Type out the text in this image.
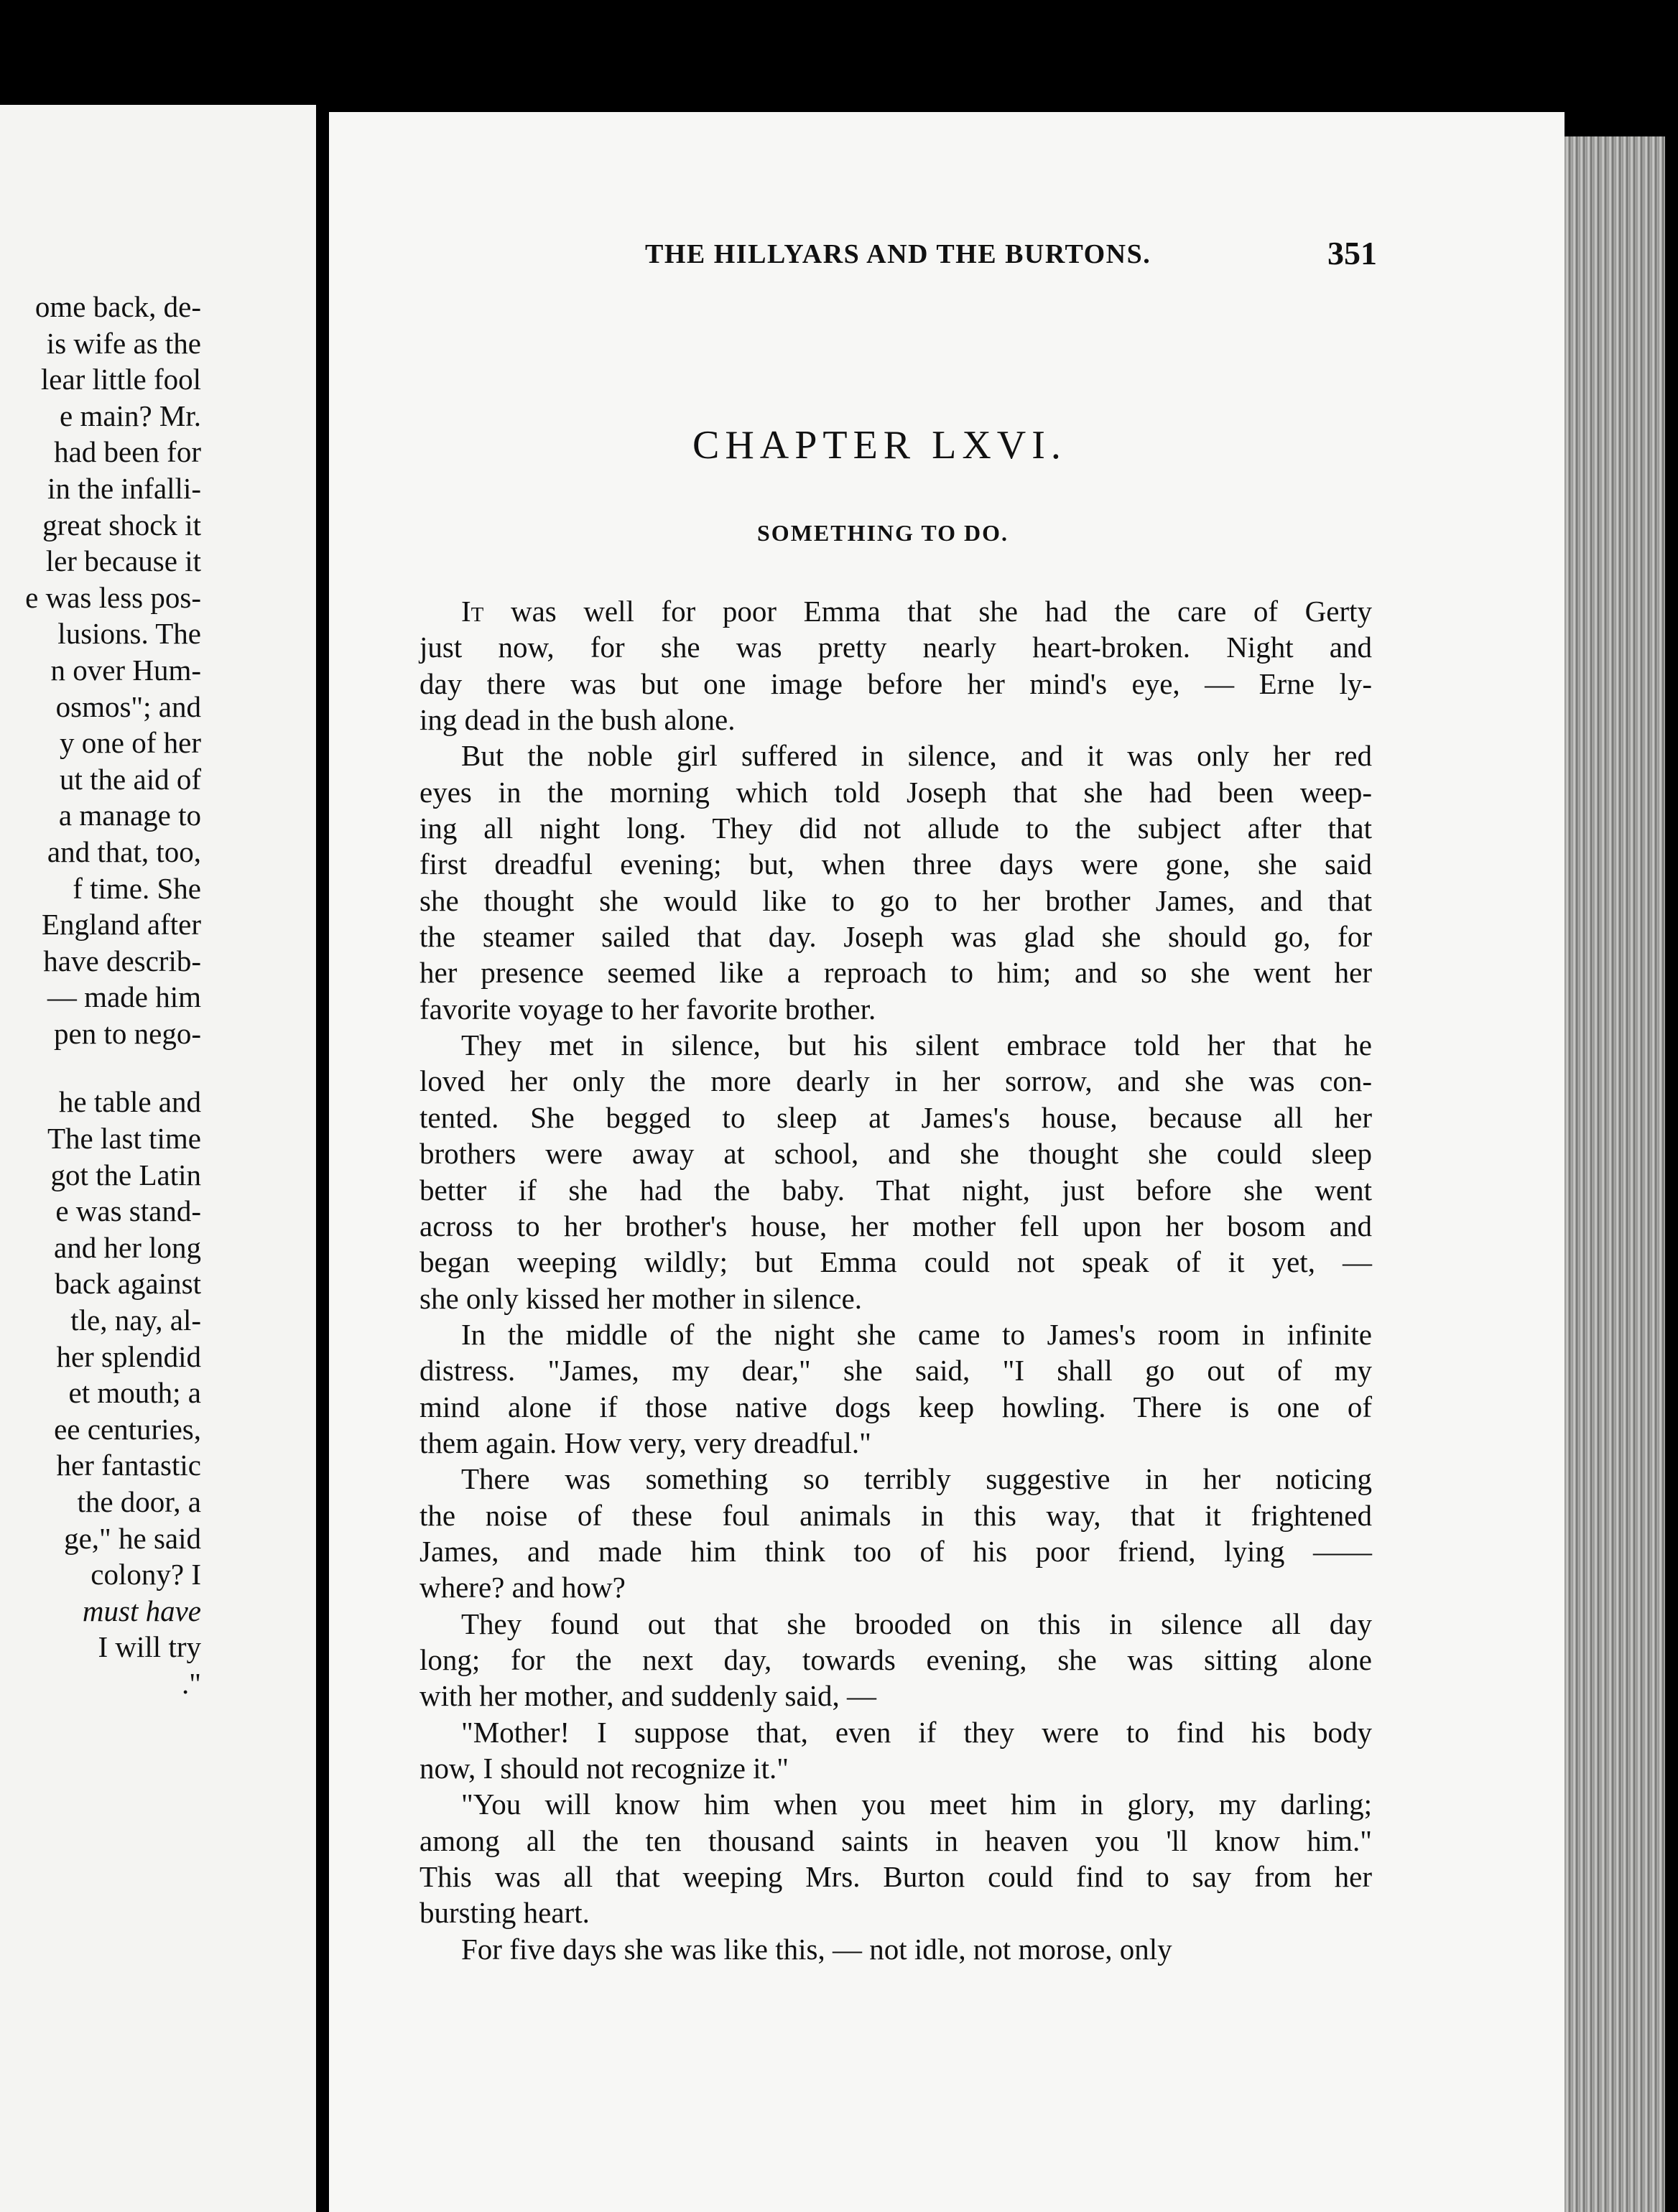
ome back, de-
is wife as the
lear little fool
e main? Mr.
had been for
in the infalli-
great shock it
ler because it
e was less pos-
lusions. The
n over Hum-
osmos"; and
y one of her
ut the aid of
a manage to
and that, too,
f time. She
England after
have describ-
— made him
pen to nego-
he table and
The last time
got the Latin
e was stand-
and her long
back against
tle, nay, al-
her splendid
et mouth; a
ee centuries,
her fantastic
the door, a
ge," he said
colony? I
must have
I will try
."
THE HILLYARS AND THE BURTONS.	351
CHAPTER LXVI.
SOMETHING TO DO.
It was well for poor Emma that she had the care of Gerty
just now, for she was pretty nearly heart-broken. Night and
day there was but one image before her mind's eye, — Erne ly-
ing dead in the bush alone.
But the noble girl suffered in silence, and it was only her red
eyes in the morning which told Joseph that she had been weep-
ing all night long. They did not allude to the subject after that
first dreadful evening; but, when three days were gone, she said
she thought she would like to go to her brother James, and that
the steamer sailed that day. Joseph was glad she should go, for
her presence seemed like a reproach to him; and so she went her
favorite voyage to her favorite brother.
They met in silence, but his silent embrace told her that he
loved her only the more dearly in her sorrow, and she was con-
tented. She begged to sleep at James's house, because all her
brothers were away at school, and she thought she could sleep
better if she had the baby. That night, just before she went
across to her brother's house, her mother fell upon her bosom and
began weeping wildly; but Emma could not speak of it yet, —
she only kissed her mother in silence.
In the middle of the night she came to James's room in infinite
distress. "James, my dear," she said, "I shall go out of my
mind alone if those native dogs keep howling. There is one of
them again. How very, very dreadful."
There was something so terribly suggestive in her noticing
the noise of these foul animals in this way, that it frightened
James, and made him think too of his poor friend, lying ——
where? and how?
They found out that she brooded on this in silence all day
long; for the next day, towards evening, she was sitting alone
with her mother, and suddenly said, —
"Mother! I suppose that, even if they were to find his body
now, I should not recognize it."
"You will know him when you meet him in glory, my darling;
among all the ten thousand saints in heaven you 'll know him."
This was all that weeping Mrs. Burton could find to say from her
bursting heart.
For five days she was like this, — not idle, not morose, only
